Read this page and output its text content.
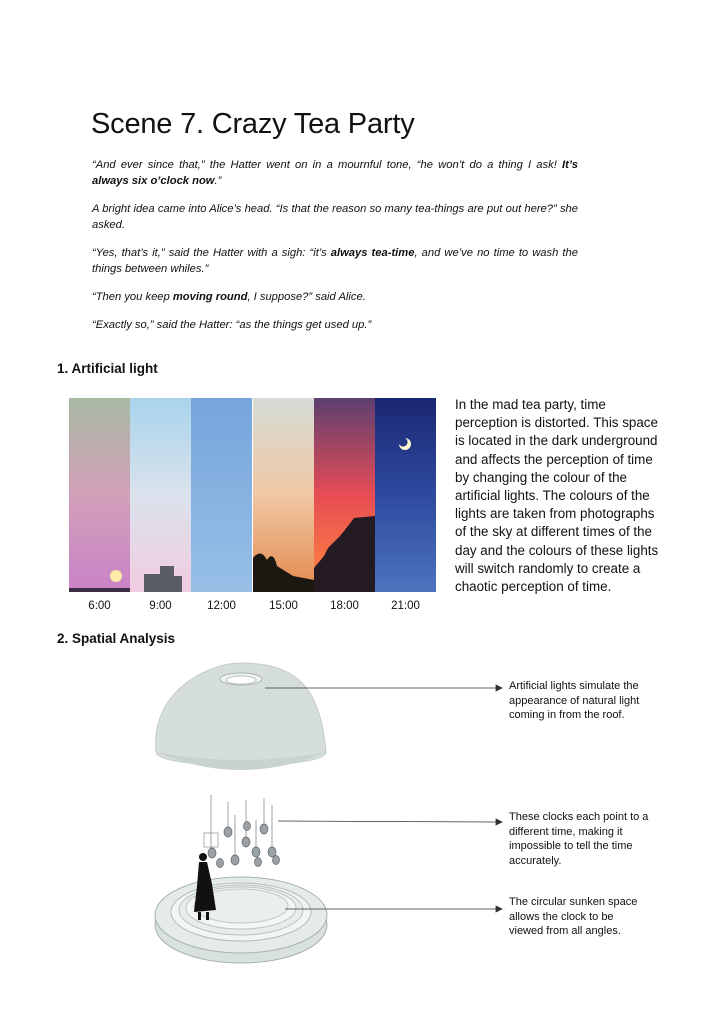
Scene 7. Crazy Tea Party

“And ever since that,” the Hatter went on in a mournful tone, “he won’t do a thing I ask! It’s always six o’clock now.”

A bright idea came into Alice’s head. “Is that the reason so many tea-things are put out here?” she asked.

“Yes, that’s it,” said the Hatter with a sigh: “it’s always tea-time, and we’ve no time to wash the things between whiles.”

“Then you keep moving round, I suppose?” said Alice.

“Exactly so,” said the Hatter: “as the things get used up.”

1. Artificial light
6:00	9:00	12:00	15:00	18:00	21:00

In the mad tea party, time perception is distorted. This space is located in the dark underground and affects the perception of time by changing the colour of the artificial lights. The colours of the lights are taken from photographs of the sky at different times of the day and the colours of these lights will switch randomly to create a chaotic perception of time.

2. Spatial Analysis

Artificial lights simulate the appearance of natural light coming in from the roof.

These clocks each point to a different time, making it impossible to tell the time accurately.

The circular sunken space allows the clock to be viewed from all angles.
